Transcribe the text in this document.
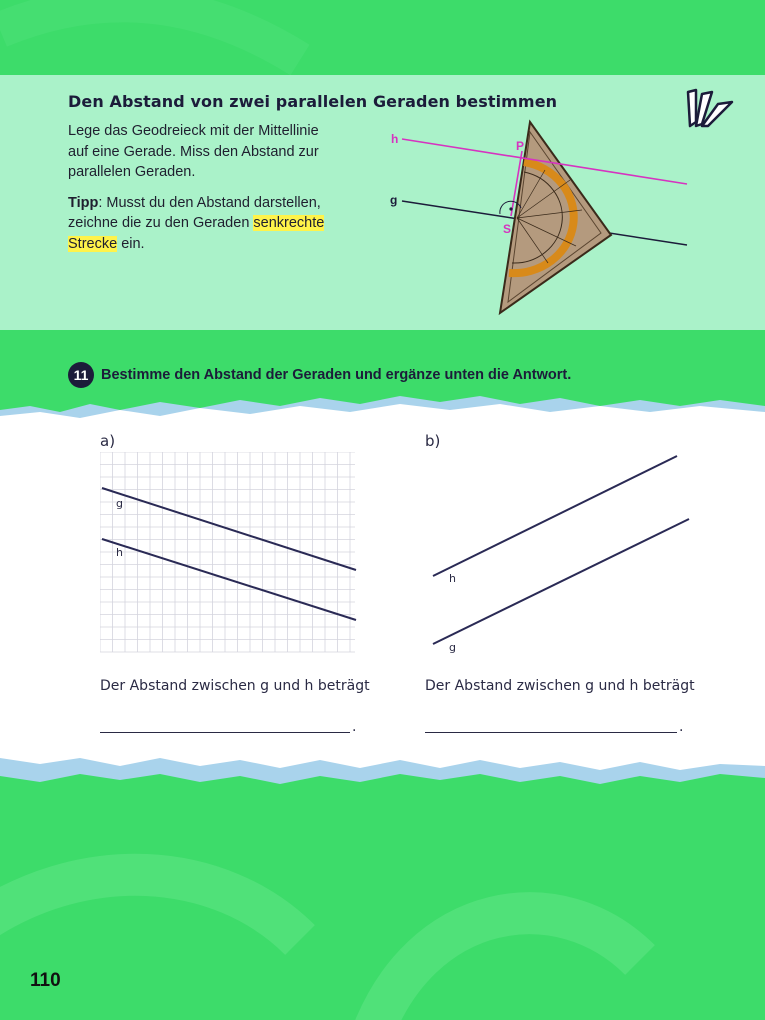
Den Abstand von zwei parallelen Geraden bestimmen

Lege das Geodreieck mit der Mittellinie auf eine Gerade. Miss den Abstand zur parallelen Geraden.

Tipp: Musst du den Abstand darstellen, zeichne die zu den Geraden senkrechte Strecke ein.

h
g
P
S
11 Bestimme den Abstand der Geraden und ergänze unten die Antwort.

a)

g
h

Der Abstand zwischen g und h beträgt

.

b)

h
g

Der Abstand zwischen g und h beträgt

.
110
